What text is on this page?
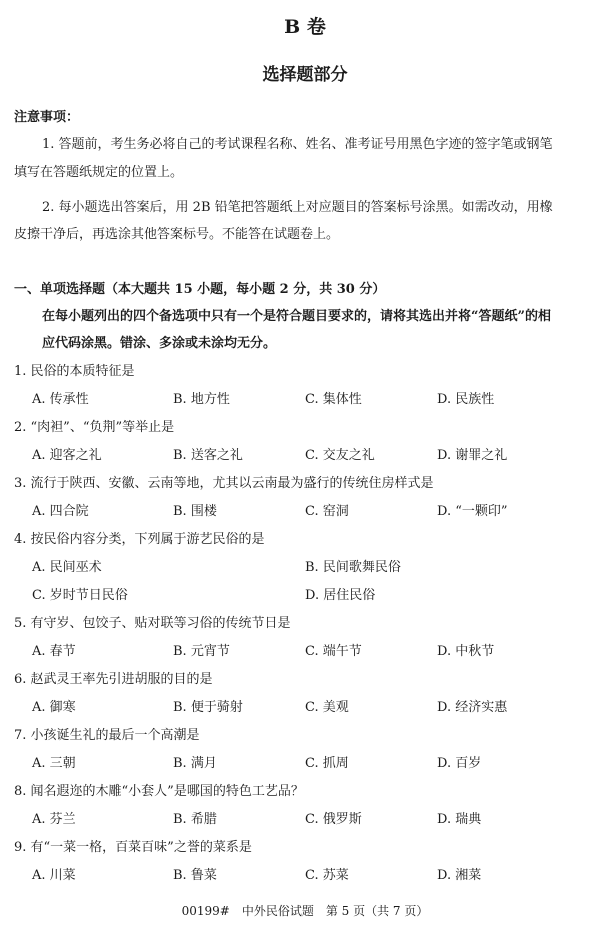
B 卷
选择题部分
注意事项：
1. 答题前，考生务必将自己的考试课程名称、姓名、准考证号用黑色字迹的签字笔或钢笔
填写在答题纸规定的位置上。
2. 每小题选出答案后，用 2B 铅笔把答题纸上对应题目的答案标号涂黑。如需改动，用橡
皮擦干净后，再选涂其他答案标号。不能答在试题卷上。
一、单项选择题（本大题共 15 小题，每小题 2 分，共 30 分）
在每小题列出的四个备选项中只有一个是符合题目要求的，请将其选出并将“答题纸”的相
应代码涂黑。错涂、多涂或未涂均无分。
1. 民俗的本质特征是
A. 传承性	B. 地方性	C. 集体性	D. 民族性
2. “肉袒”、“负荆”等举止是
A. 迎客之礼	B. 送客之礼	C. 交友之礼	D. 谢罪之礼
3. 流行于陕西、安徽、云南等地，尤其以云南最为盛行的传统住房样式是
A. 四合院	B. 围楼	C. 窑洞	D. “一颗印”
4. 按民俗内容分类，下列属于游艺民俗的是
A. 民间巫术	B. 民间歌舞民俗
C. 岁时节日民俗	D. 居住民俗
5. 有守岁、包饺子、贴对联等习俗的传统节日是
A. 春节	B. 元宵节	C. 端午节	D. 中秋节
6. 赵武灵王率先引进胡服的目的是
A. 御寒	B. 便于骑射	C. 美观	D. 经济实惠
7. 小孩诞生礼的最后一个高潮是
A. 三朝	B. 满月	C. 抓周	D. 百岁
8. 闻名遐迩的木雕“小套人”是哪国的特色工艺品？
A. 芬兰	B. 希腊	C. 俄罗斯	D. 瑞典
9. 有“一菜一格，百菜百味”之誉的菜系是
A. 川菜	B. 鲁菜	C. 苏菜	D. 湘菜
00199#　中外民俗试题　第 5 页（共 7 页）
